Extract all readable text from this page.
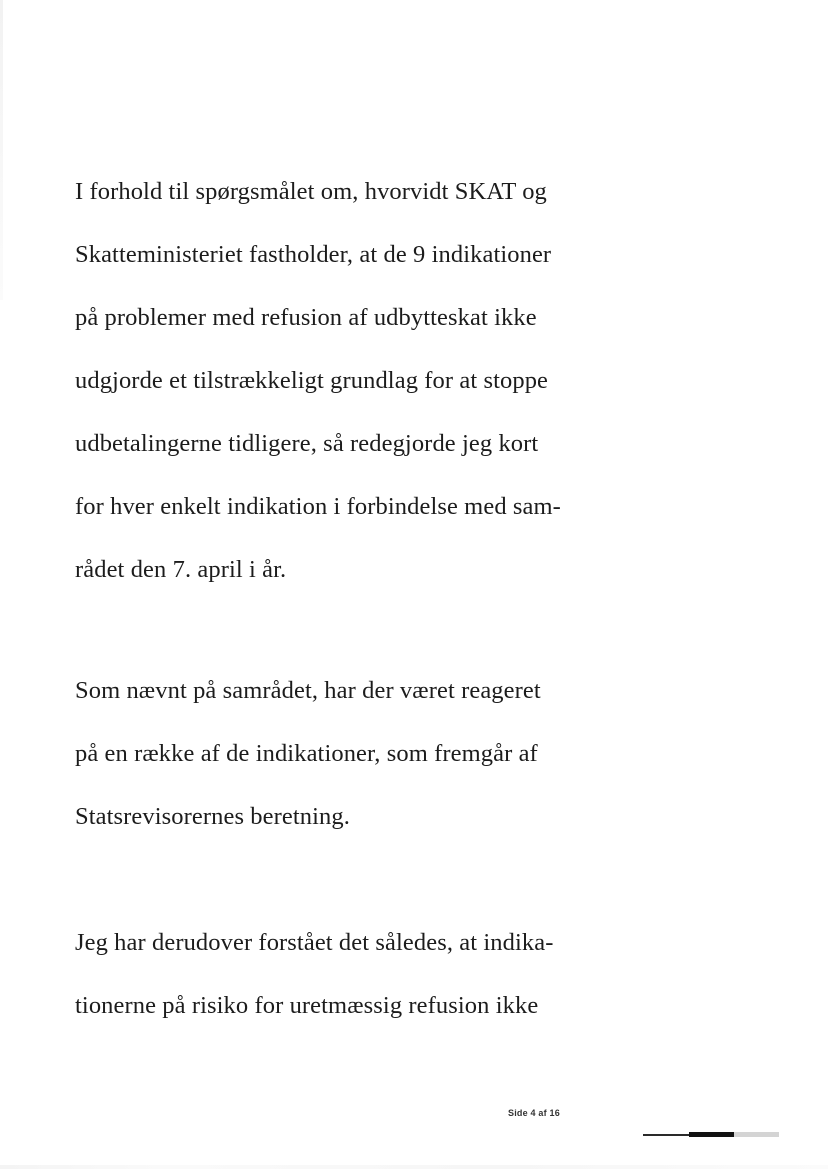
I forhold til spørgsmålet om, hvorvidt SKAT og
Skatteministeriet fastholder, at de 9 indikationer
på problemer med refusion af udbytteskat ikke
udgjorde et tilstrækkeligt grundlag for at stoppe
udbetalingerne tidligere, så redegjorde jeg kort
for hver enkelt indikation i forbindelse med sam-
rådet den 7. april i år.
Som nævnt på samrådet, har der været reageret
på en række af de indikationer, som fremgår af
Statsrevisorernes beretning.
Jeg har derudover forstået det således, at indika-
tionerne på risiko for uretmæssig refusion ikke
Side 4 af 16
